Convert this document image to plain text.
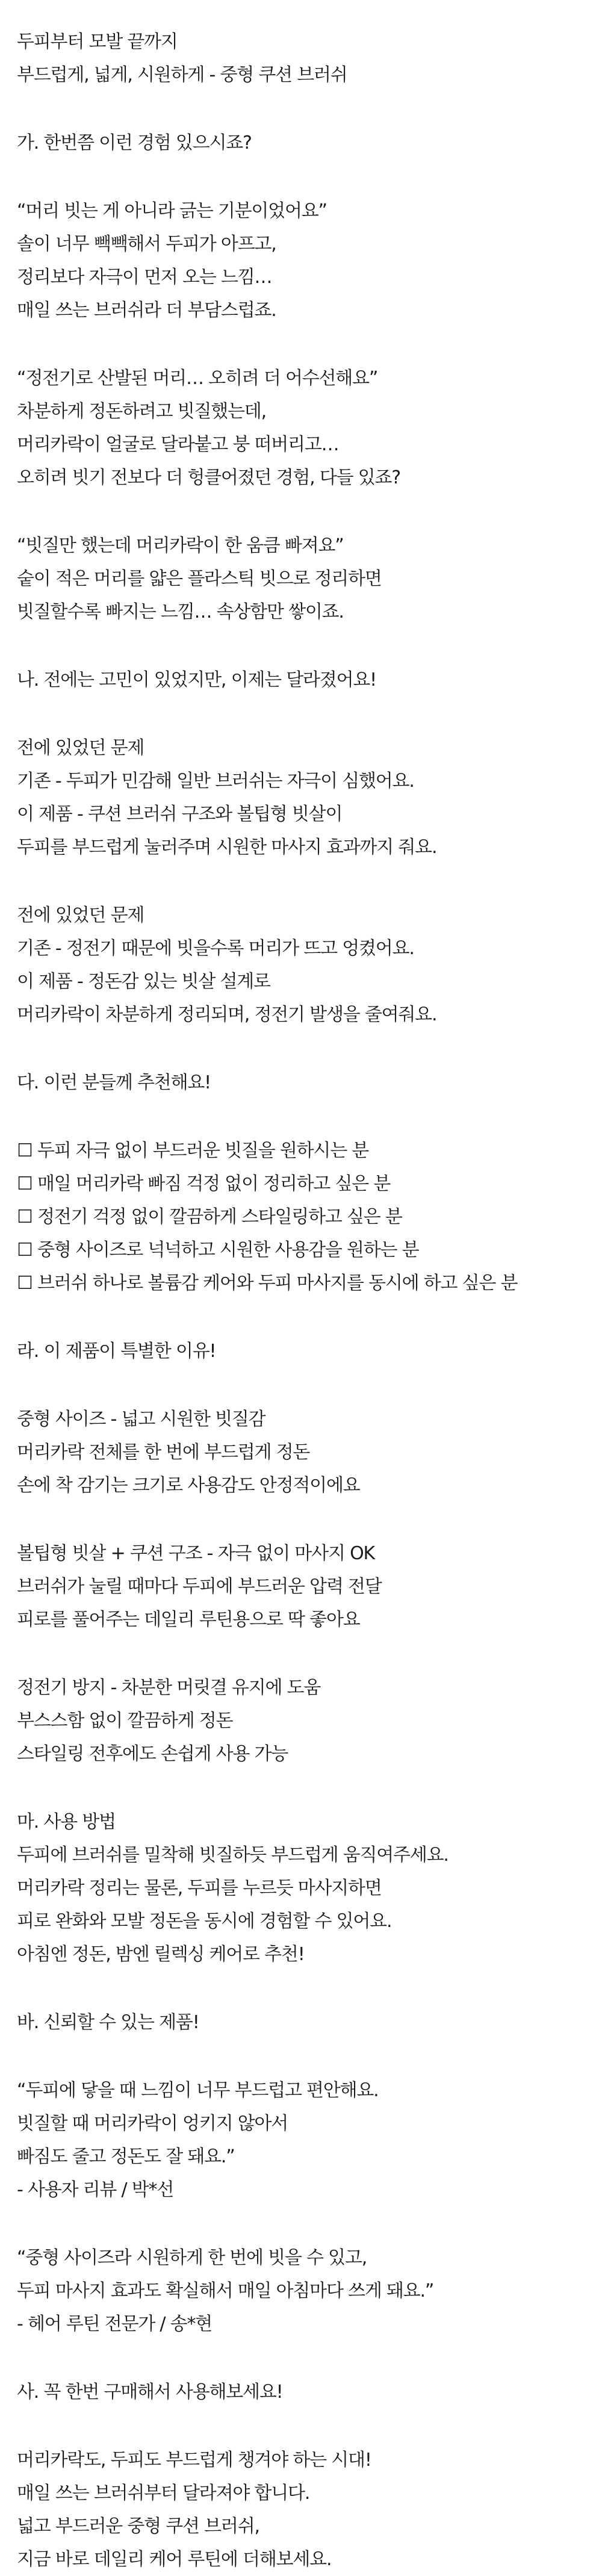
두피부터 모발 끝까지
부드럽게, 넓게, 시원하게 - 중형 쿠션 브러쉬
가. 한번쯤 이런 경험 있으시죠?
“머리 빗는 게 아니라 긁는 기분이었어요”
솔이 너무 빽빽해서 두피가 아프고,
정리보다 자극이 먼저 오는 느낌…
매일 쓰는 브러쉬라 더 부담스럽죠.
“정전기로 산발된 머리… 오히려 더 어수선해요”
차분하게 정돈하려고 빗질했는데,
머리카락이 얼굴로 달라붙고 붕 떠버리고…
오히려 빗기 전보다 더 헝클어졌던 경험, 다들 있죠?
“빗질만 했는데 머리카락이 한 움큼 빠져요”
숱이 적은 머리를 얇은 플라스틱 빗으로 정리하면
빗질할수록 빠지는 느낌… 속상함만 쌓이죠.
나. 전에는 고민이 있었지만, 이제는 달라졌어요!
전에 있었던 문제
기존 - 두피가 민감해 일반 브러쉬는 자극이 심했어요.
이 제품 - 쿠션 브러쉬 구조와 볼팁형 빗살이
두피를 부드럽게 눌러주며 시원한 마사지 효과까지 줘요.
전에 있었던 문제
기존 - 정전기 때문에 빗을수록 머리가 뜨고 엉켰어요.
이 제품 - 정돈감 있는 빗살 설계로
머리카락이 차분하게 정리되며, 정전기 발생을 줄여줘요.
다. 이런 분들께 추천해요!
☐ 두피 자극 없이 부드러운 빗질을 원하시는 분
☐ 매일 머리카락 빠짐 걱정 없이 정리하고 싶은 분
☐ 정전기 걱정 없이 깔끔하게 스타일링하고 싶은 분
☐ 중형 사이즈로 넉넉하고 시원한 사용감을 원하는 분
☐ 브러쉬 하나로 볼륨감 케어와 두피 마사지를 동시에 하고 싶은 분
라. 이 제품이 특별한 이유!
중형 사이즈 - 넓고 시원한 빗질감
머리카락 전체를 한 번에 부드럽게 정돈
손에 착 감기는 크기로 사용감도 안정적이에요
볼팁형 빗살 + 쿠션 구조 - 자극 없이 마사지 OK
브러쉬가 눌릴 때마다 두피에 부드러운 압력 전달
피로를 풀어주는 데일리 루틴용으로 딱 좋아요
정전기 방지 - 차분한 머릿결 유지에 도움
부스스함 없이 깔끔하게 정돈
스타일링 전후에도 손쉽게 사용 가능
마. 사용 방법
두피에 브러쉬를 밀착해 빗질하듯 부드럽게 움직여주세요.
머리카락 정리는 물론, 두피를 누르듯 마사지하면
피로 완화와 모발 정돈을 동시에 경험할 수 있어요.
아침엔 정돈, 밤엔 릴렉싱 케어로 추천!
바. 신뢰할 수 있는 제품!
“두피에 닿을 때 느낌이 너무 부드럽고 편안해요.
빗질할 때 머리카락이 엉키지 않아서
빠짐도 줄고 정돈도 잘 돼요.”
- 사용자 리뷰 / 박*선
“중형 사이즈라 시원하게 한 번에 빗을 수 있고,
두피 마사지 효과도 확실해서 매일 아침마다 쓰게 돼요.”
- 헤어 루틴 전문가 / 송*현
사. 꼭 한번 구매해서 사용해보세요!
머리카락도, 두피도 부드럽게 챙겨야 하는 시대!
매일 쓰는 브러쉬부터 달라져야 합니다.
넓고 부드러운 중형 쿠션 브러쉬,
지금 바로 데일리 케어 루틴에 더해보세요.
